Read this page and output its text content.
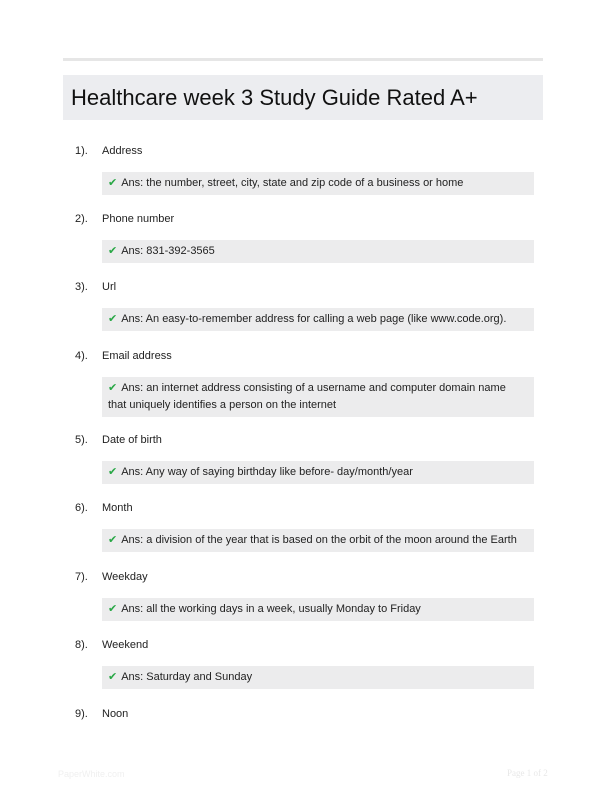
Healthcare week 3 Study Guide Rated A+
1). Address
✔ Ans: the number, street, city, state and zip code of a business or home
2). Phone number
✔ Ans: 831-392-3565
3). Url
✔ Ans: An easy-to-remember address for calling a web page (like www.code.org).
4). Email address
✔ Ans: an internet address consisting of a username and computer domain name that uniquely identifies a person on the internet
5). Date of birth
✔ Ans: Any way of saying birthday like before- day/month/year
6). Month
✔ Ans: a division of the year that is based on the orbit of the moon around the Earth
7). Weekday
✔ Ans: all the working days in a week, usually Monday to Friday
8). Weekend
✔ Ans: Saturday and Sunday
9). Noon
PaperWhite.com	Page 1 of 2
